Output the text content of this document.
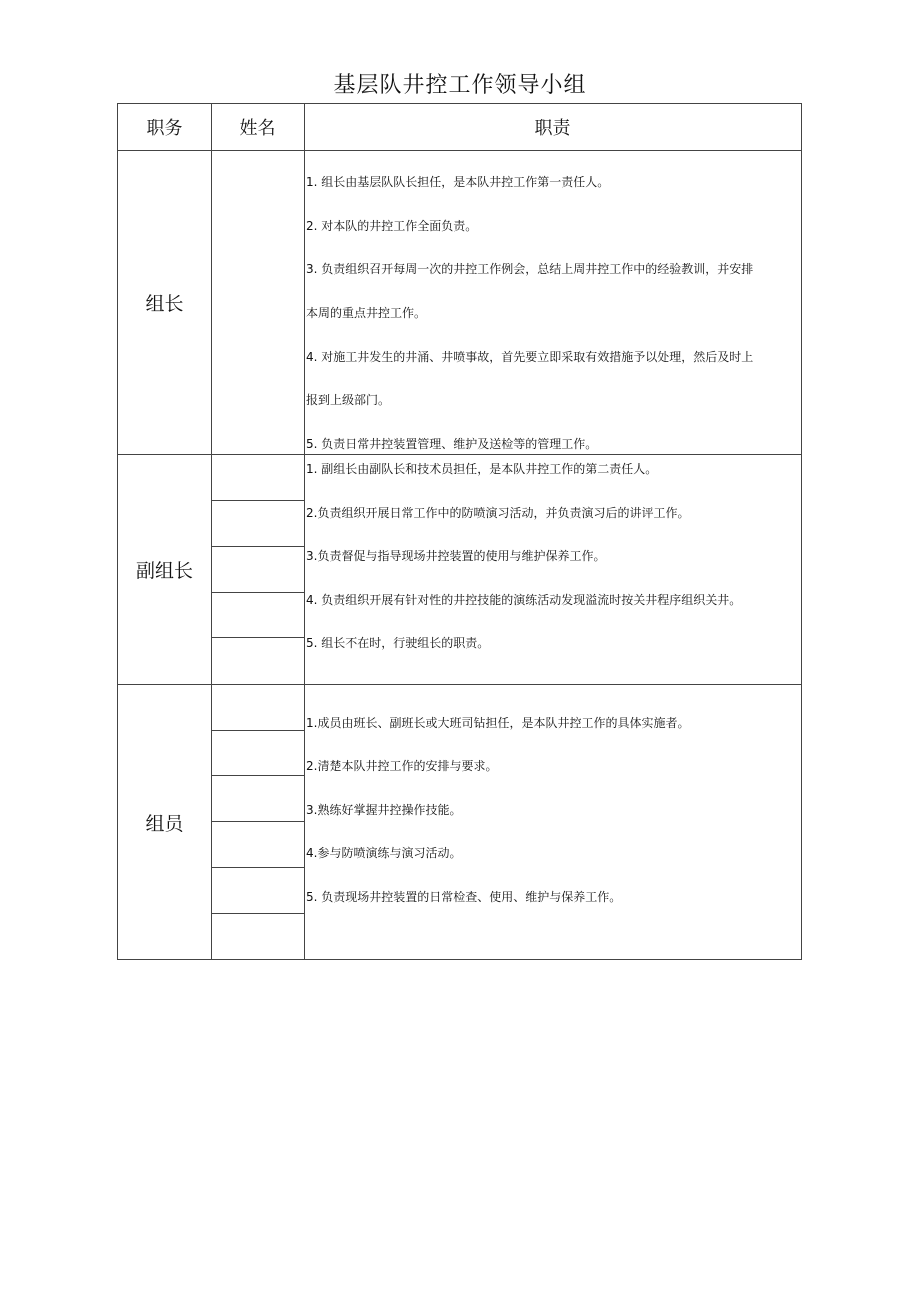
基层队井控工作领导小组
职务	姓名	职责
组长
1. 组长由基层队队长担任，是本队井控工作第一责任人。
2. 对本队的井控工作全面负责。
3. 负责组织召开每周一次的井控工作例会，总结上周井控工作中的经验教训，并安排
本周的重点井控工作。
4. 对施工井发生的井涌、井喷事故，首先要立即采取有效措施予以处理，然后及时上
报到上级部门。
5. 负责日常井控装置管理、维护及送检等的管理工作。
副组长
1. 副组长由副队长和技术员担任，是本队井控工作的第二责任人。
2.负责组织开展日常工作中的防喷演习活动，并负责演习后的讲评工作。
3.负责督促与指导现场井控装置的使用与维护保养工作。
4. 负责组织开展有针对性的井控技能的演练活动发现溢流时按关井程序组织关井。
5. 组长不在时，行驶组长的职责。
组员
1.成员由班长、副班长或大班司钻担任，是本队井控工作的具体实施者。
2.清楚本队井控工作的安排与要求。
3.熟练好掌握井控操作技能。
4.参与防喷演练与演习活动。
5. 负责现场井控装置的日常检查、使用、维护与保养工作。
